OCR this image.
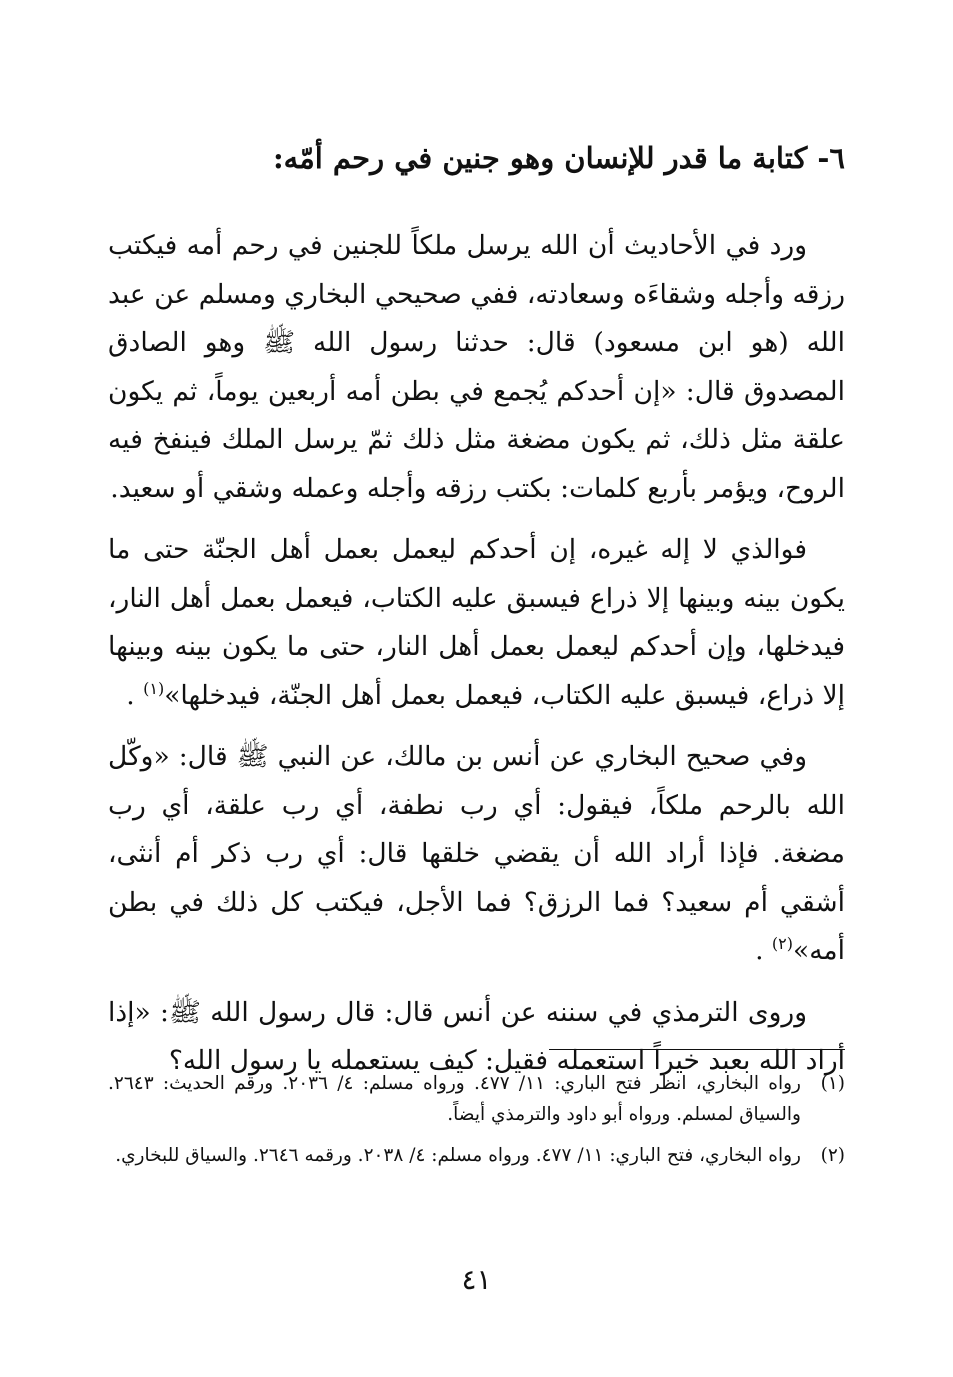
٦- كتابة ما قدر للإنسان وهو جنين في رحم أمّه:

ورد في الأحاديث أن الله يرسل ملكاً للجنين في رحم أمه فيكتب رزقه وأجله وشقاءَه وسعادته، ففي صحيحي البخاري ومسلم عن عبد الله (هو ابن مسعود) قال: حدثنا رسول الله ﷺ وهو الصادق المصدوق قال: «إن أحدكم يُجمع في بطن أمه أربعين يوماً، ثم يكون علقة مثل ذلك، ثم يكون مضغة مثل ذلك ثمّ يرسل الملك فينفخ فيه الروح، ويؤمر بأربع كلمات: بكتب رزقه وأجله وعمله وشقي أو سعيد.

فوالذي لا إله غيره، إن أحدكم ليعمل بعمل أهل الجنّة حتى ما يكون بينه وبينها إلا ذراع فيسبق عليه الكتاب، فيعمل بعمل أهل النار، فيدخلها، وإن أحدكم ليعمل بعمل أهل النار، حتى ما يكون بينه وبينها إلا ذراع، فيسبق عليه الكتاب، فيعمل بعمل أهل الجنّة، فيدخلها»$^{(١)}$ .

وفي صحيح البخاري عن أنس بن مالك، عن النبي ﷺ قال: «وكّل الله بالرحم ملكاً، فيقول: أي رب نطفة، أي رب علقة، أي رب مضغة. فإذا أراد الله أن يقضي خلقها قال: أي رب ذكر أم أنثى، أشقي أم سعيد؟ فما الرزق؟ فما الأجل، فيكتب كل ذلك في بطن أمه»$^{(٢)}$ .

وروى الترمذي في سننه عن أنس قال: قال رسول الله ﷺ: «إذا أراد الله بعبد خيراً استعمله فقيل: كيف يستعمله يا رسول الله؟

(١)
رواه البخاري، انظر فتح الباري: ١١/ ٤٧٧. ورواه مسلم: ٤/ ٢٠٣٦. ورقم الحديث: ٢٦٤٣. والسياق لمسلم. ورواه أبو داود والترمذي أيضاً.

(٢)
رواه البخاري، فتح الباري: ١١/ ٤٧٧. ورواه مسلم: ٤/ ٢٠٣٨. ورقمه ٢٦٤٦. والسياق للبخاري.

٤١
